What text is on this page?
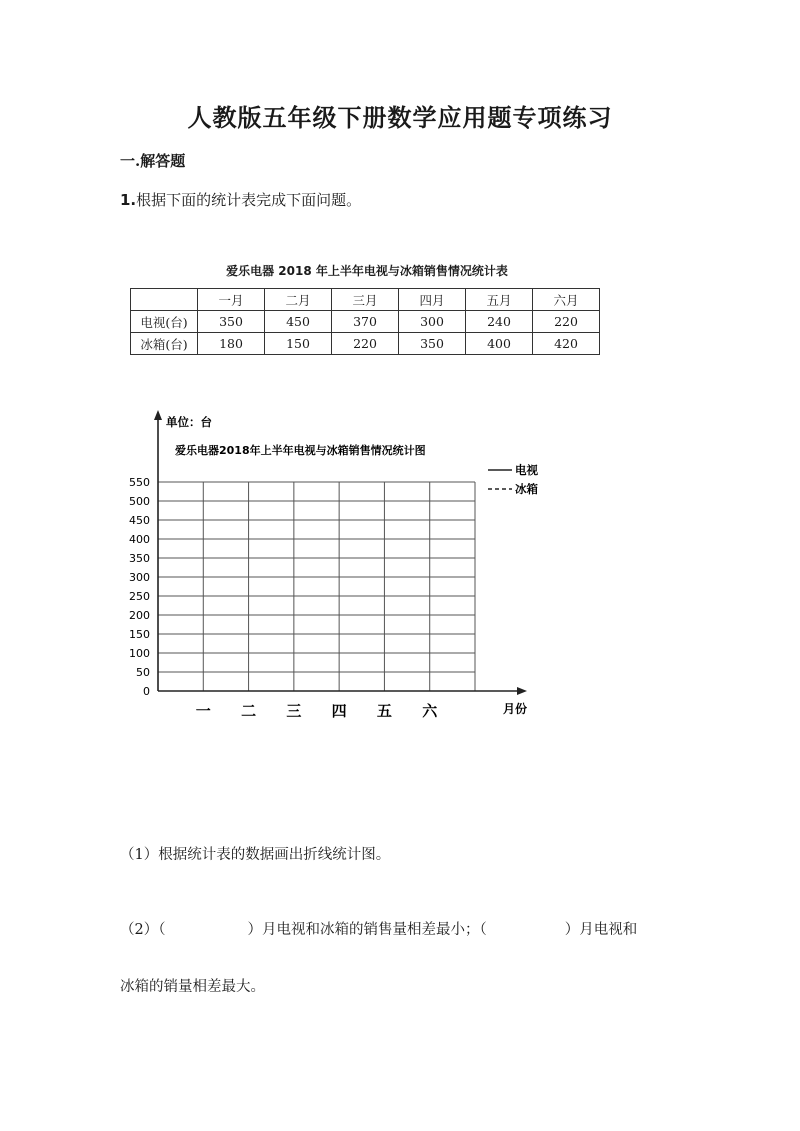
人教版五年级下册数学应用题专项练习
一.解答题
1.根据下面的统计表完成下面问题。
爱乐电器 2018 年上半年电视与冰箱销售情况统计表
	一月	二月	三月	四月	五月	六月
电视(台)	350	450	370	300	240	220
冰箱(台)	180	150	220	350	400	420
0
50
100
150
200
250
300
350
400
450
500
550
一 二 三 四 五 六
单位：台
爱乐电器2018年上半年电视与冰箱销售情况统计图
月份
电视
冰箱
（1）根据统计表的数据画出折线统计图。
（2）（	）月电视和冰箱的销售量相差最小；（	）月电视和
冰箱的销量相差最大。
